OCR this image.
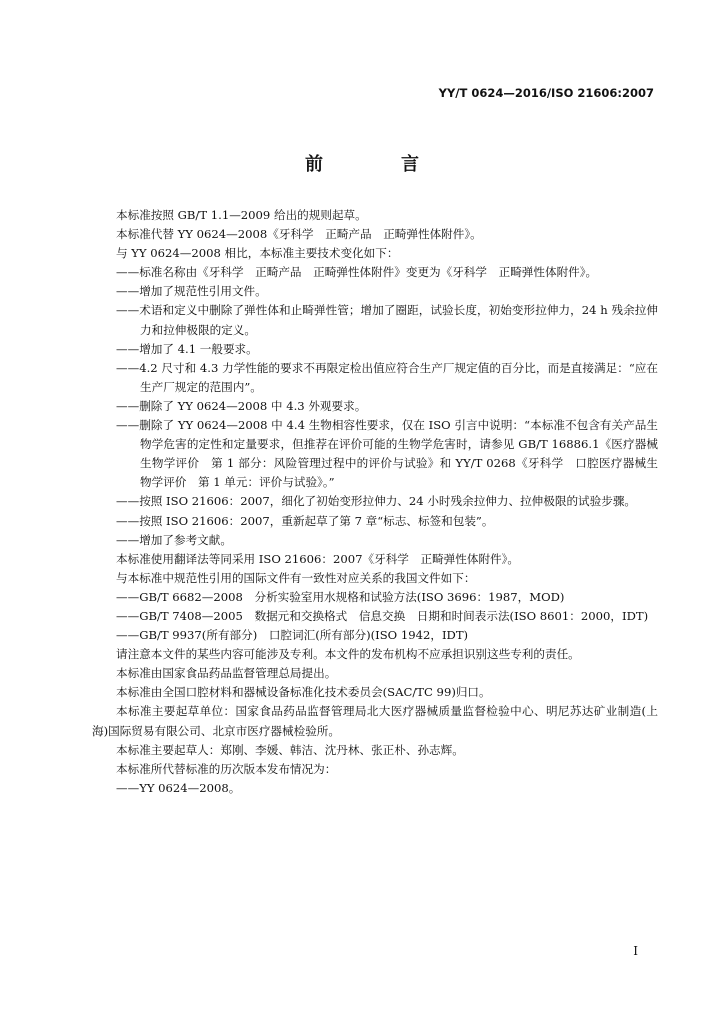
YY/T 0624—2016/ISO 21606:2007
前　言

本标准按照 GB/T 1.1—2009 给出的规则起草。

本标准代替 YY 0624—2008《牙科学　正畸产品　正畸弹性体附件》。

与 YY 0624—2008 相比，本标准主要技术变化如下：

——标准名称由《牙科学　正畸产品　正畸弹性体附件》变更为《牙科学　正畸弹性体附件》。

——增加了规范性引用文件。

——术语和定义中删除了弹性体和止畸弹性管；增加了圈距，试验长度，初始变形拉伸力，24 h 残余拉伸力和拉伸极限的定义。

——增加了 4.1 一般要求。

——4.2 尺寸和 4.3 力学性能的要求不再限定检出值应符合生产厂规定值的百分比，而是直接满足：“应在生产厂规定的范围内”。

——删除了 YY 0624—2008 中 4.3 外观要求。

——删除了 YY 0624—2008 中 4.4 生物相容性要求，仅在 ISO 引言中说明：“本标准不包含有关产品生物学危害的定性和定量要求，但推荐在评价可能的生物学危害时，请参见 GB/T 16886.1《医疗器械生物学评价　第 1 部分：风险管理过程中的评价与试验》和 YY/T 0268《牙科学　口腔医疗器械生物学评价　第 1 单元：评价与试验》。”

——按照 ISO 21606：2007，细化了初始变形拉伸力、24 小时残余拉伸力、拉伸极限的试验步骤。

——按照 ISO 21606：2007，重新起草了第 7 章“标志、标签和包装”。

——增加了参考文献。

本标准使用翻译法等同采用 ISO 21606：2007《牙科学　正畸弹性体附件》。

与本标准中规范性引用的国际文件有一致性对应关系的我国文件如下：

——GB/T 6682—2008　分析实验室用水规格和试验方法(ISO 3696：1987，MOD)

——GB/T 7408—2005　数据元和交换格式　信息交换　日期和时间表示法(ISO 8601：2000，IDT)

——GB/T 9937(所有部分)　口腔词汇(所有部分)(ISO 1942，IDT)

请注意本文件的某些内容可能涉及专利。本文件的发布机构不应承担识别这些专利的责任。

本标准由国家食品药品监督管理总局提出。

本标准由全国口腔材料和器械设备标准化技术委员会(SAC/TC 99)归口。

本标准主要起草单位：国家食品药品监督管理局北大医疗器械质量监督检验中心、明尼苏达矿业制造(上海)国际贸易有限公司、北京市医疗器械检验所。

本标准主要起草人：郑刚、李媛、韩洁、沈丹林、张正朴、孙志辉。

本标准所代替标准的历次版本发布情况为：

——YY 0624—2008。

I
